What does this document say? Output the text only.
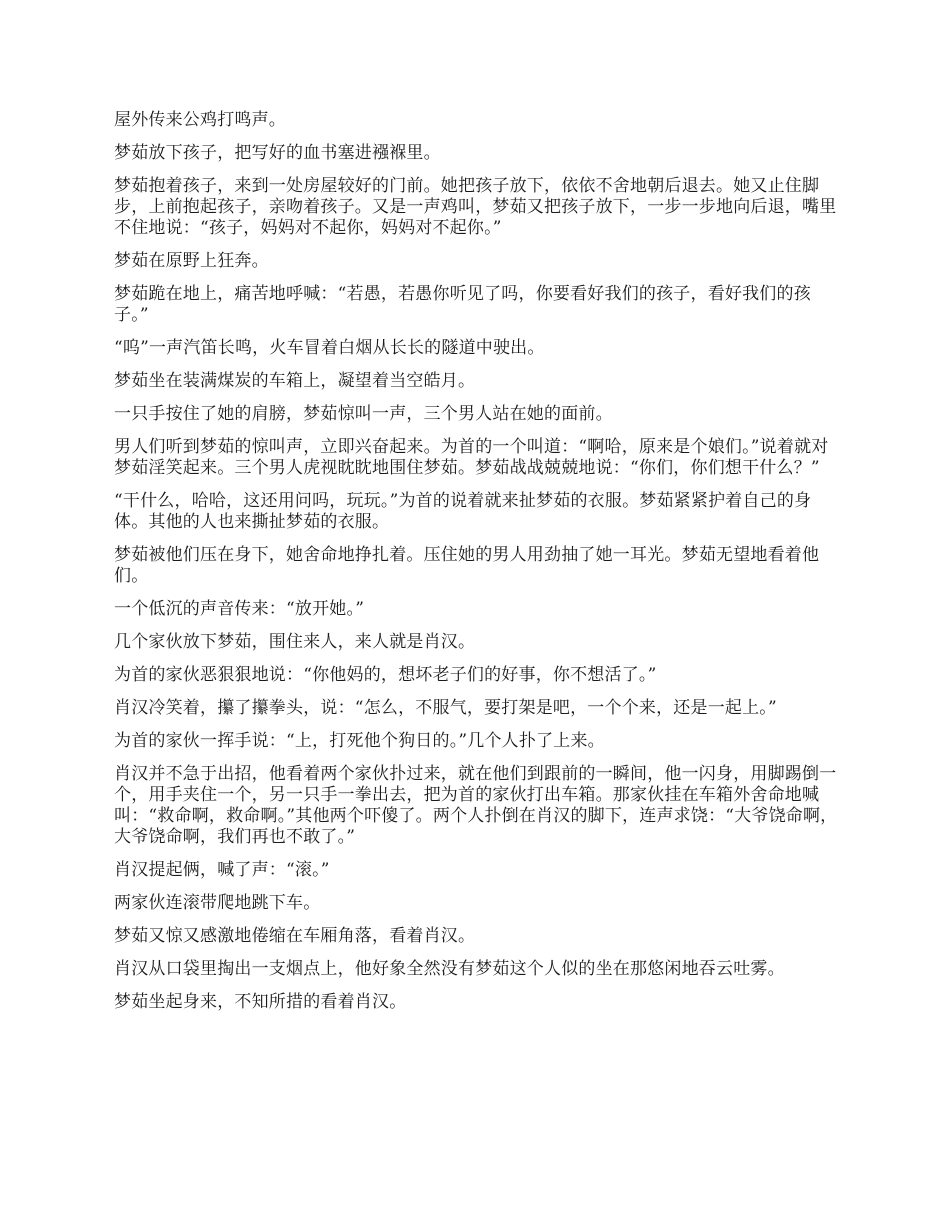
屋外传来公鸡打鸣声。

梦茹放下孩子，把写好的血书塞进襁褓里。

梦茹抱着孩子，来到一处房屋较好的门前。她把孩子放下，依依不舍地朝后退去。她又止住脚步，上前抱起孩子，亲吻着孩子。又是一声鸡叫，梦茹又把孩子放下，一步一步地向后退，嘴里不住地说：“孩子，妈妈对不起你，妈妈对不起你。”

梦茹在原野上狂奔。

梦茹跪在地上，痛苦地呼喊：“若愚，若愚你听见了吗，你要看好我们的孩子，看好我们的孩子。”

“呜”一声汽笛长鸣，火车冒着白烟从长长的隧道中驶出。

梦茹坐在装满煤炭的车箱上，凝望着当空皓月。

一只手按住了她的肩膀，梦茹惊叫一声，三个男人站在她的面前。

男人们听到梦茹的惊叫声，立即兴奋起来。为首的一个叫道：“啊哈，原来是个娘们。”说着就对梦茹淫笑起来。三个男人虎视眈眈地围住梦茹。梦茹战战兢兢地说：“你们，你们想干什么？”

“干什么，哈哈，这还用问吗，玩玩。”为首的说着就来扯梦茹的衣服。梦茹紧紧护着自己的身体。其他的人也来撕扯梦茹的衣服。

梦茹被他们压在身下，她舍命地挣扎着。压住她的男人用劲抽了她一耳光。梦茹无望地看着他们。

一个低沉的声音传来：“放开她。”

几个家伙放下梦茹，围住来人，来人就是肖汉。

为首的家伙恶狠狠地说：“你他妈的，想坏老子们的好事，你不想活了。”

肖汉冷笑着，攥了攥拳头，说：“怎么，不服气，要打架是吧，一个个来，还是一起上。”

为首的家伙一挥手说：“上，打死他个狗日的。”几个人扑了上来。

肖汉并不急于出招，他看着两个家伙扑过来，就在他们到跟前的一瞬间，他一闪身，用脚踢倒一个，用手夹住一个，另一只手一拳出去，把为首的家伙打出车箱。那家伙挂在车箱外舍命地喊叫：“救命啊，救命啊。”其他两个吓傻了。两个人扑倒在肖汉的脚下，连声求饶：“大爷饶命啊，大爷饶命啊，我们再也不敢了。”

肖汉提起俩，喊了声：“滚。”

两家伙连滚带爬地跳下车。

梦茹又惊又感激地倦缩在车厢角落，看着肖汉。

肖汉从口袋里掏出一支烟点上，他好象全然没有梦茹这个人似的坐在那悠闲地吞云吐雾。

梦茹坐起身来，不知所措的看着肖汉。
